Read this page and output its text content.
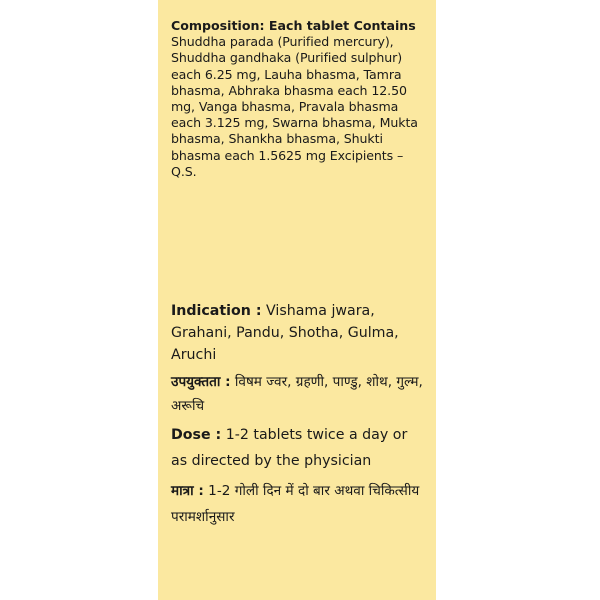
Composition: Each tablet Contains
Shuddha parada (Purified mercury), Shuddha gandhaka (Purified sulphur) each 6.25 mg, Lauha bhasma, Tamra bhasma, Abhraka bhasma each 12.50 mg, Vanga bhasma, Pravala bhasma each 3.125 mg, Swarna bhasma, Mukta bhasma, Shankha bhasma, Shukti bhasma each 1.5625 mg Excipients – Q.S.
Indication : Vishama jwara, Grahani, Pandu, Shotha, Gulma, Aruchi
उपयुक्तता : विषम ज्वर, ग्रहणी, पाण्डु, शोथ, गुल्म, अरूचि
Dose : 1-2 tablets twice a day or as directed by the physician
मात्रा : 1-2 गोली दिन में दो बार अथवा चिकित्सीय परामर्शानुसार
